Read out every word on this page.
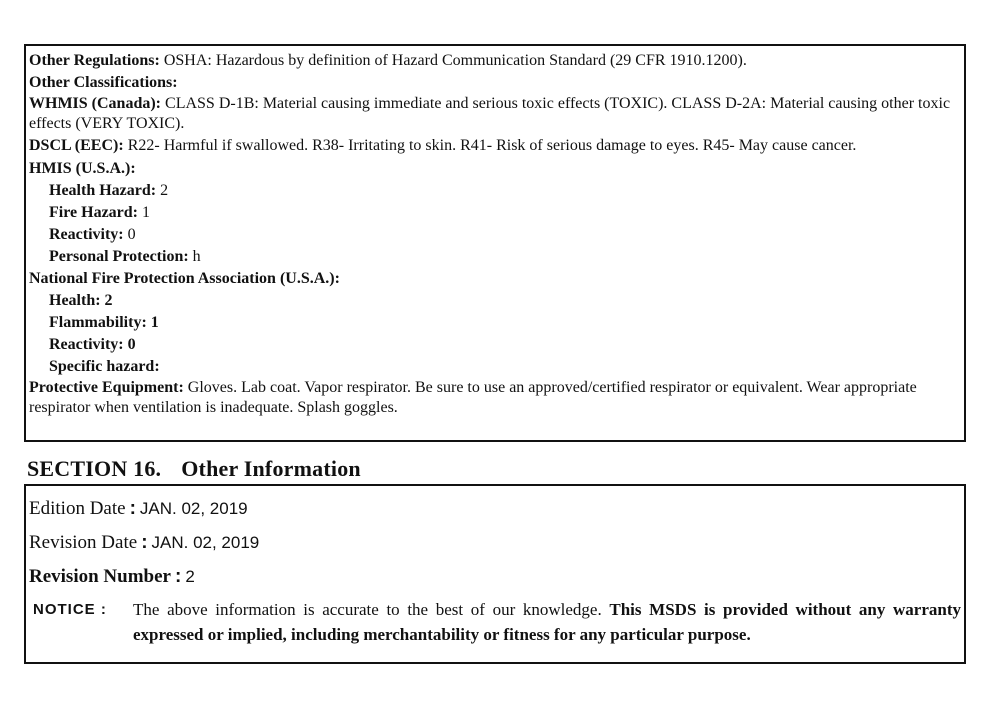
Other Regulations: OSHA: Hazardous by definition of Hazard Communication Standard (29 CFR 1910.1200).
Other Classifications:
WHMIS (Canada): CLASS D-1B: Material causing immediate and serious toxic effects (TOXIC). CLASS D-2A: Material causing other toxic effects (VERY TOXIC).
DSCL (EEC): R22- Harmful if swallowed. R38- Irritating to skin. R41- Risk of serious damage to eyes. R45- May cause cancer.
HMIS (U.S.A.):
Health Hazard: 2
Fire Hazard: 1
Reactivity: 0
Personal Protection: h
National Fire Protection Association (U.S.A.):
Health: 2
Flammability: 1
Reactivity: 0
Specific hazard:
Protective Equipment: Gloves. Lab coat. Vapor respirator. Be sure to use an approved/certified respirator or equivalent. Wear appropriate respirator when ventilation is inadequate. Splash goggles.
SECTION 16. Other Information
Edition Date : JAN. 02, 2019
Revision Date : JAN. 02, 2019
Revision Number : 2
NOTICE : The above information is accurate to the best of our knowledge. This MSDS is provided without any warranty expressed or implied, including merchantability or fitness for any particular purpose.
